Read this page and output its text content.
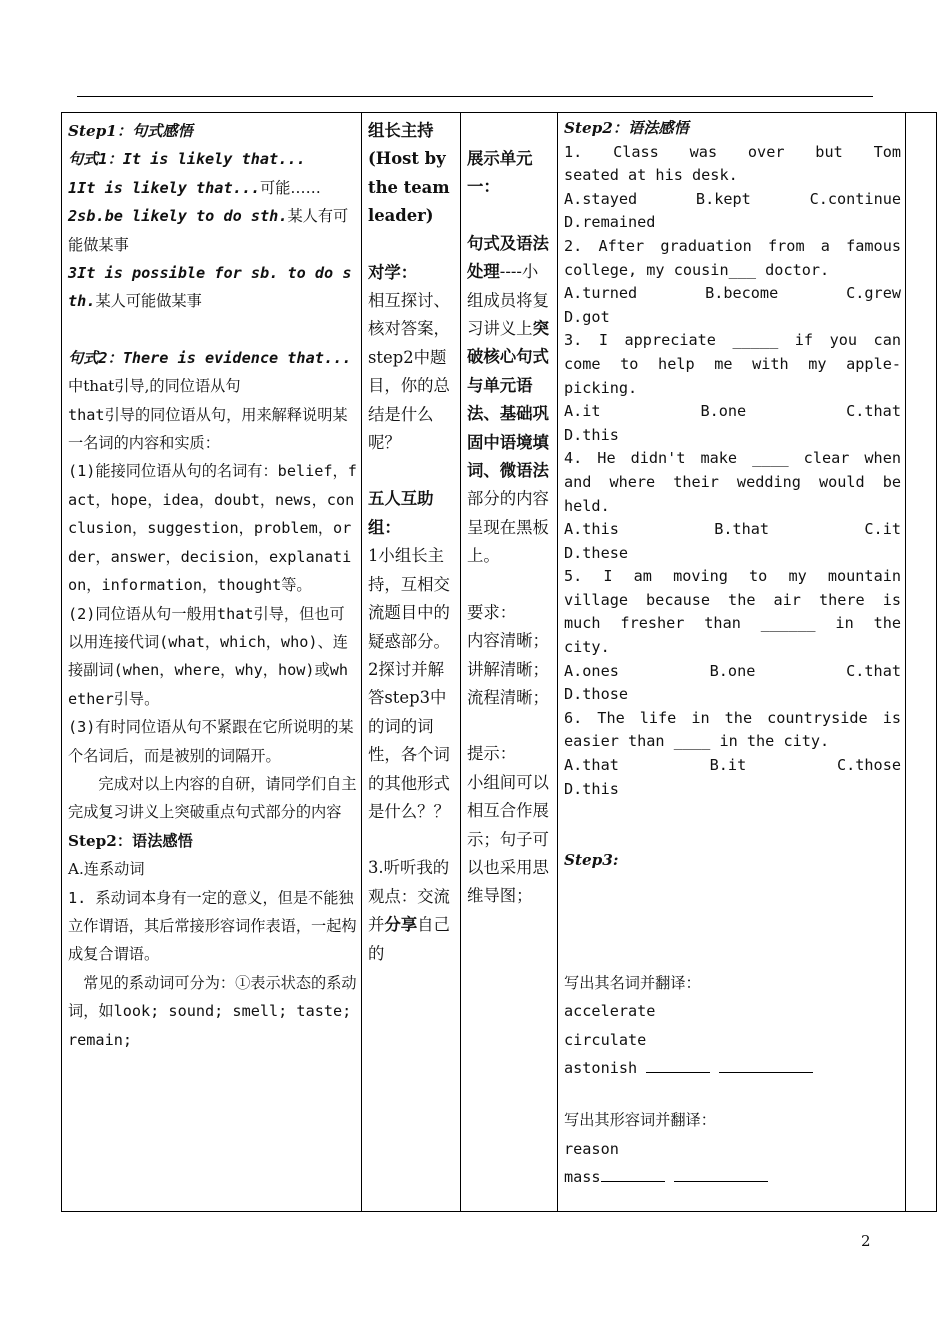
Step1：句式感悟

句式1：It is likely that...

1It is likely that...可能……

2sb.be likely to do sth.某人有可能做某事

3It is possible for sb. to do sth.某人可能做某事

句式2：There is evidence that...中that引导,的同位语从句

that引导的同位语从句，用来解释说明某一名词的内容和实质：

(1)能接同位语从句的名词有：belief，fact，hope，idea，doubt，news，conclusion，suggestion，problem，order，answer，decision，explanation，information，thought等。

(2)同位语从句一般用that引导，但也可以用连接代词(what，which，who)、连接副词(when，where，why，how)或whether引导。

(3)有时同位语从句不紧跟在它所说明的某个名词后，而是被别的词隔开。

完成对以上内容的自研，请同学们自主完成复习讲义上突破重点句式部分的内容

Step2：语法感悟

A.连系动词

1. 系动词本身有一定的意义，但是不能独立作谓语，其后常接形容词作表语，一起构成复合谓语。

常见的系动词可分为：①表示状态的系动词，如look; sound; smell; taste; remain;

组长主持(Host by the team leader)

对学：

相互探讨、核对答案，step2中题目，你的总结是什么呢？

五人互助组：

1小组长主持，互相交流题目中的疑惑部分。

2探讨并解答step3中的词的词性，各个词的其他形式是什么？？

3.听听我的观点：交流并分享自己的

展示单元一：

句式及语法处理----小组成员将复习讲义上突破核心句式与单元语法、基础巩固中语境填词、微语法部分的内容呈现在黑板上。

要求：

内容清晰；

讲解清晰；

流程清晰；

提示：

小组间可以相互合作展示；句子可以也采用思维导图；

Step2：语法感悟

1. Class was over but Tom

seated at his desk.

A.stayed	B.kept	C.continue

D.remained

2. After graduation from a famous

college, my cousin___ doctor.

A.turned	B.become	C.grew

D.got

3. I appreciate _____ if you can

come to help me with my apple-

picking.

A.it	B.one	C.that

D.this

4. He didn't make ____ clear when

and where their wedding would be

held.

A.this	B.that	C.it

D.these

5. I am moving to my mountain

village because the air there is

much fresher than ______ in the

city.

A.ones	B.one	C.that

D.those

6. The life in the countryside is

easier than ____ in the city.

A.that	B.it	C.those

D.this

Step3:

写出其名词并翻译：

accelerate

circulate

astonish

写出其形容词并翻译：

reason

mass

2
